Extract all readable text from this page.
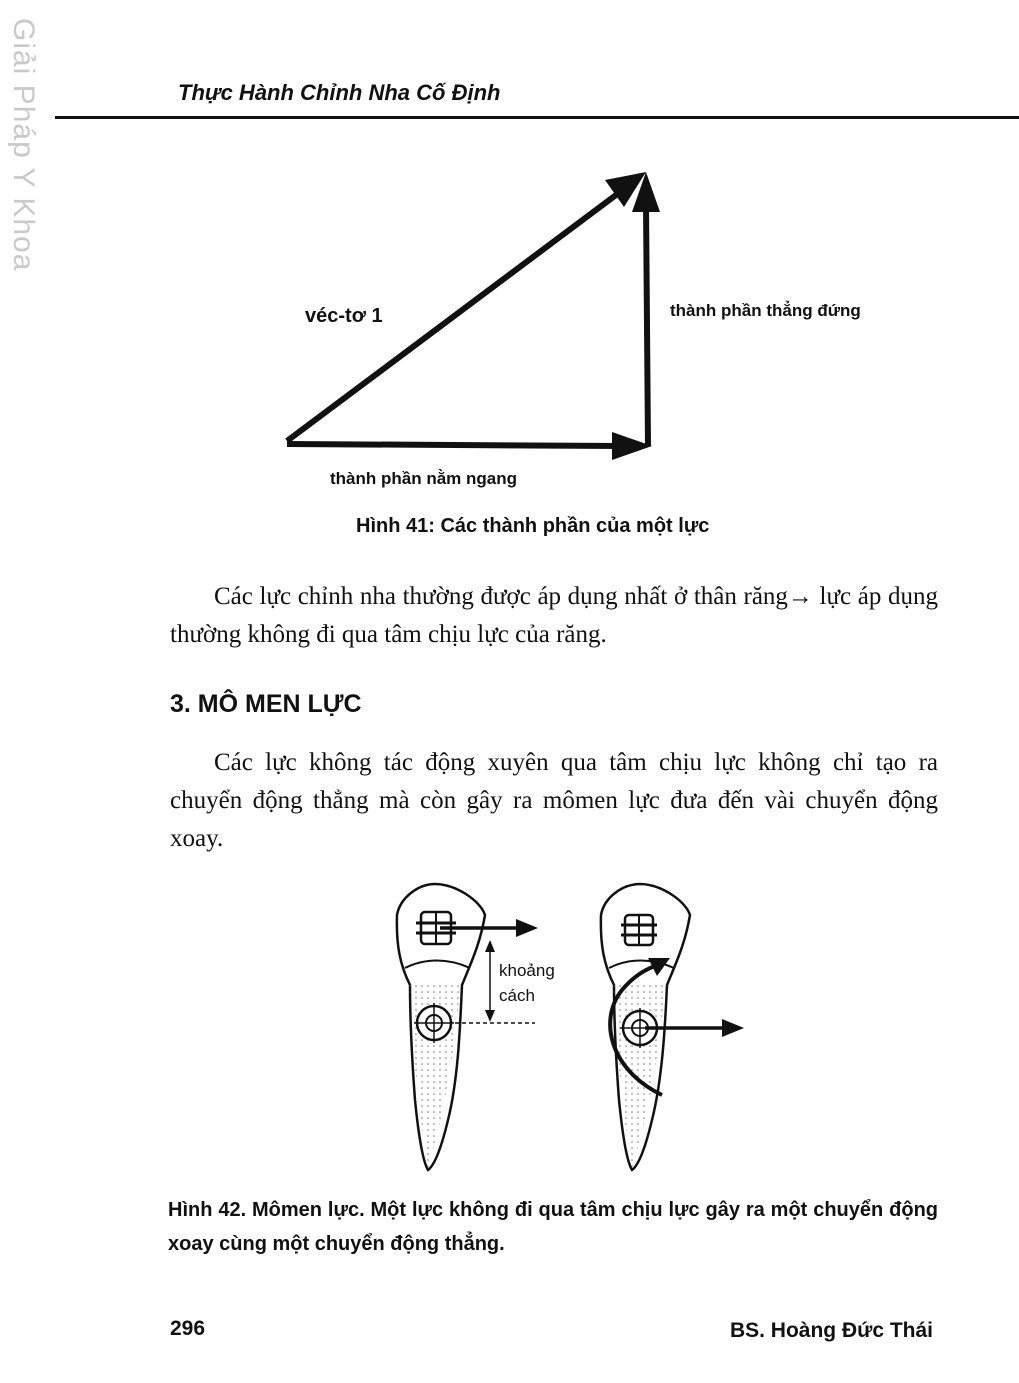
Giải Pháp Y Khoa	Thực Hành Chỉnh Nha Cố Định
véc-tơ 1	thành phần thẳng đứng
thành phần nằm ngang
Hình 41: Các thành phần của một lực
Các lực chỉnh nha thường được áp dụng nhất ở thân răng→ lực áp dụng thường không đi qua tâm chịu lực của răng.
3. MÔ MEN LỰC
Các lực không tác động xuyên qua tâm chịu lực không chỉ tạo ra chuyển động thẳng mà còn gây ra mômen lực đưa đến vài chuyển động xoay.
khoảng
cách
Hình 42. Mômen lực. Một lực không đi qua tâm chịu lực gây ra một chuyển động xoay cùng một chuyển động thẳng.
296	BS. Hoàng Đức Thái
